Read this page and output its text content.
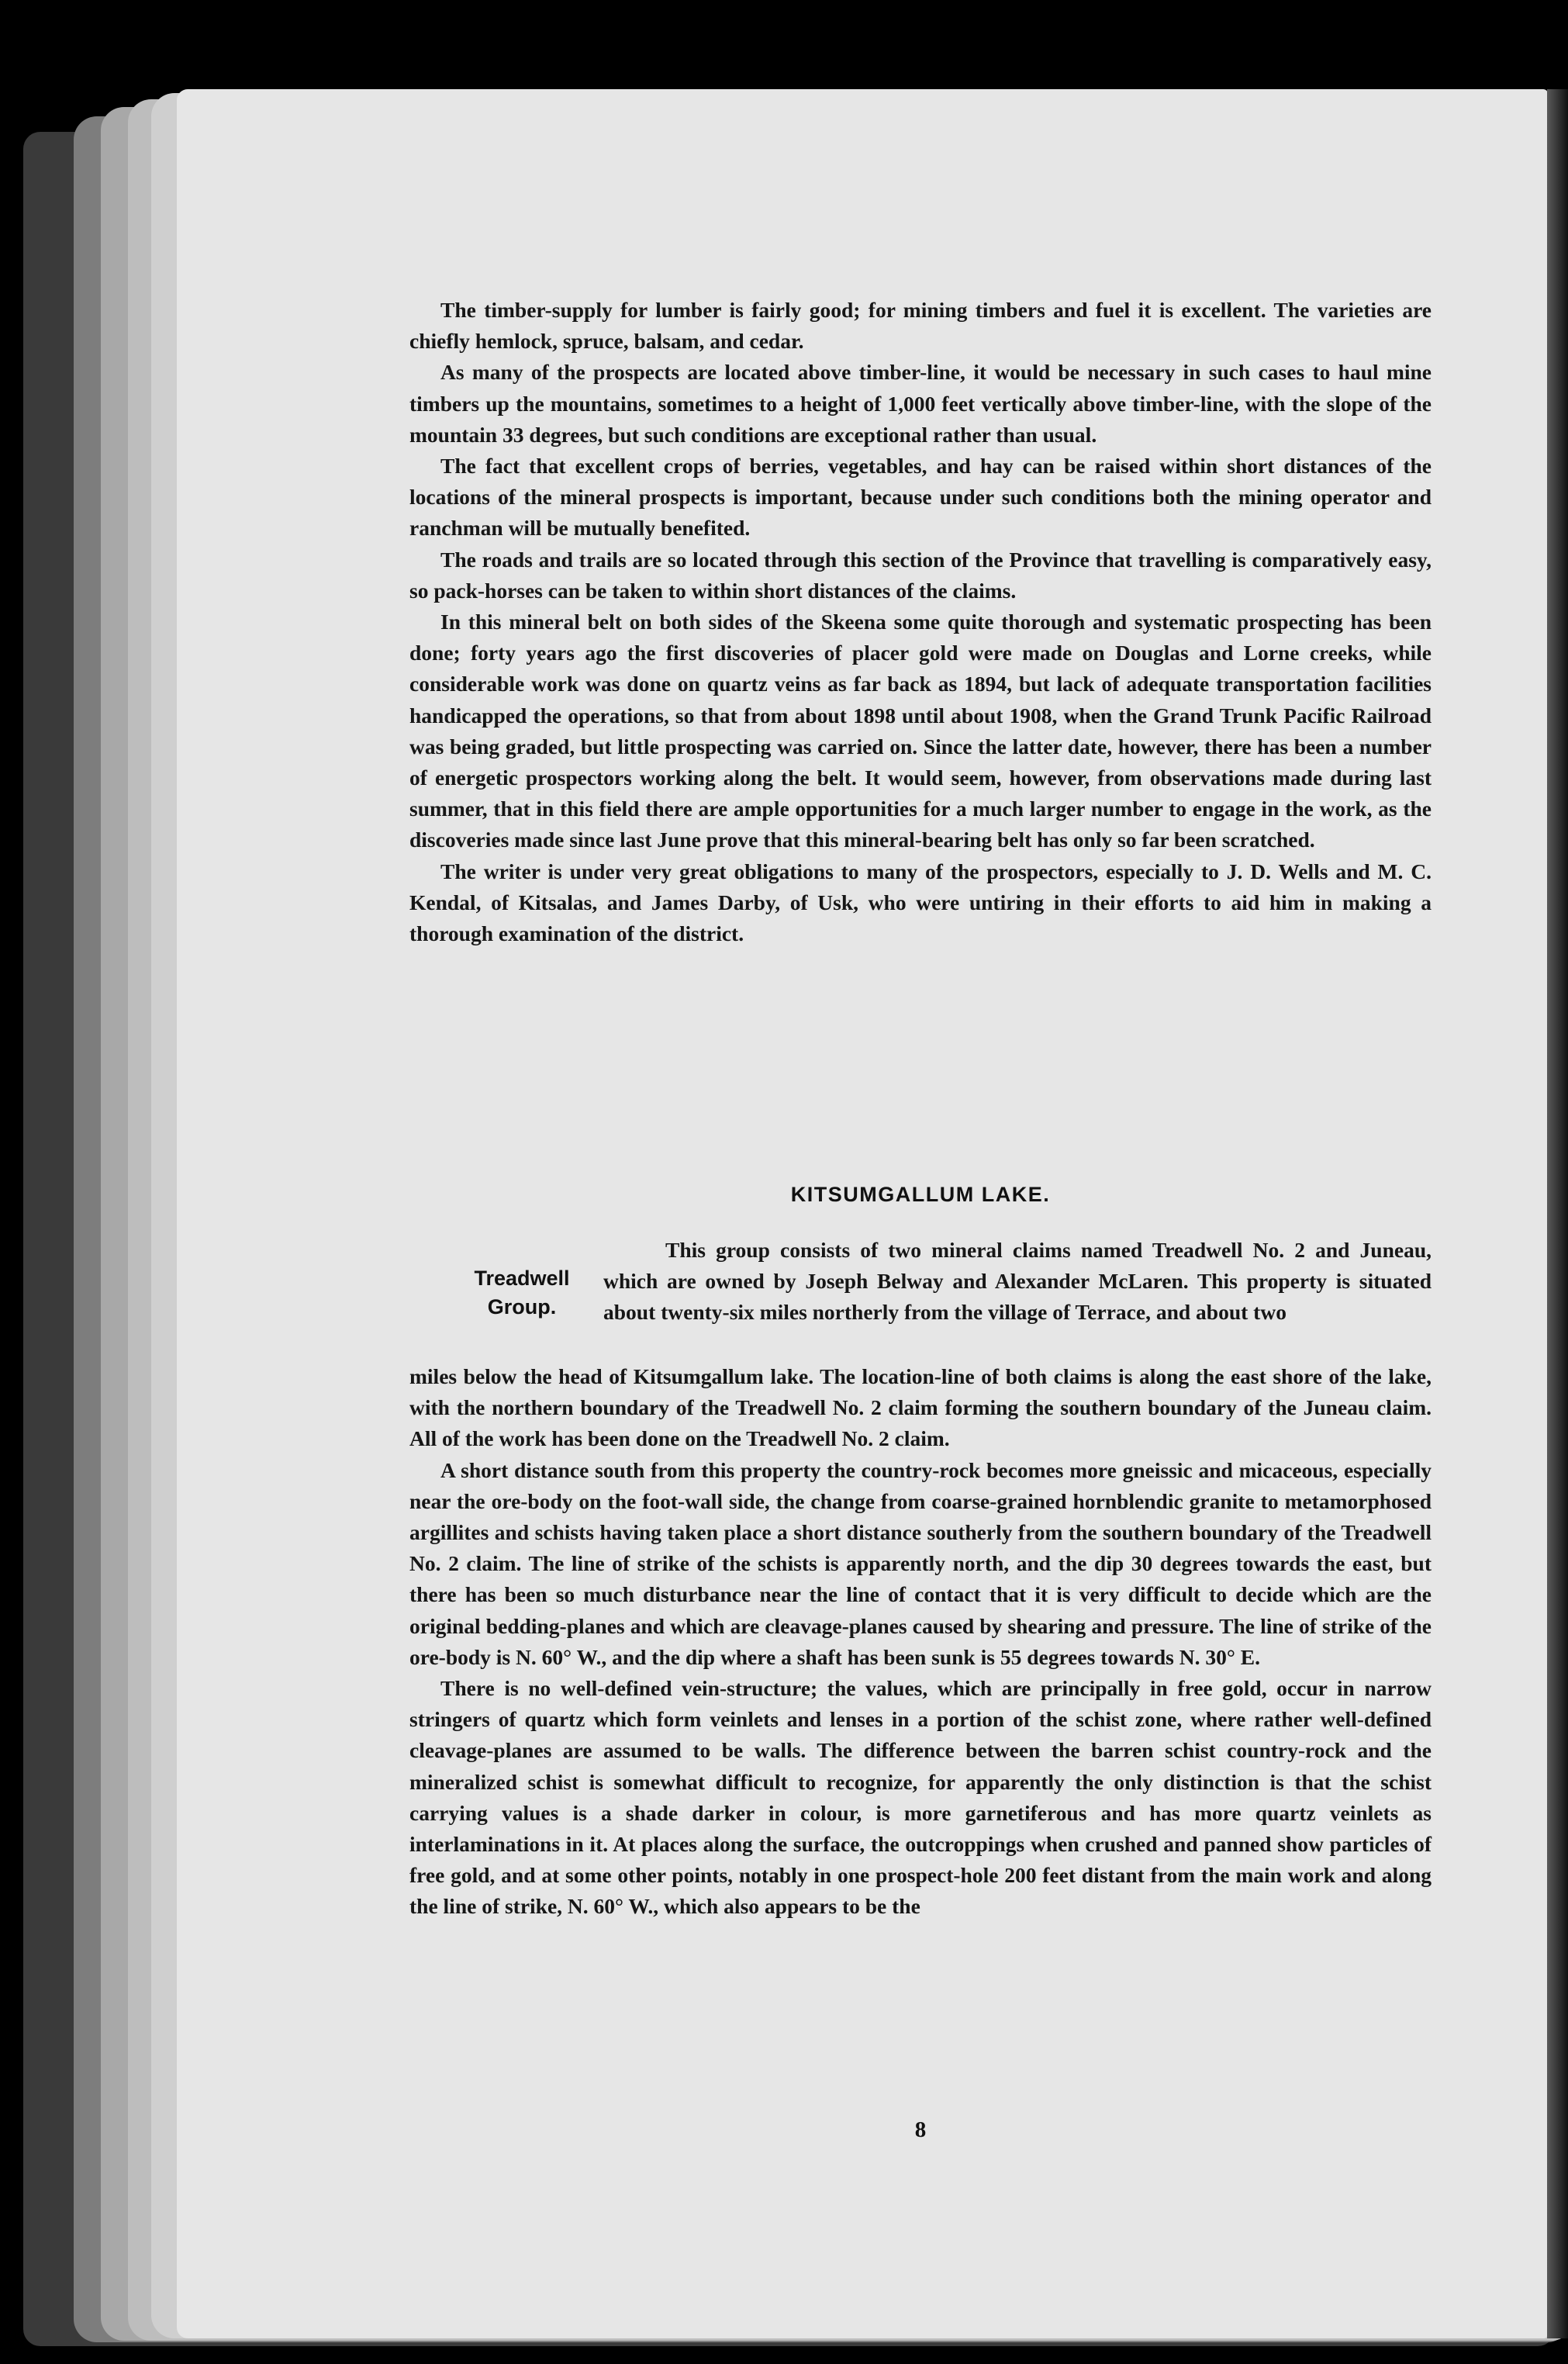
The timber-supply for lumber is fairly good; for mining timbers and fuel it is excellent. The varieties are chiefly hemlock, spruce, balsam, and cedar.

As many of the prospects are located above timber-line, it would be necessary in such cases to haul mine timbers up the mountains, sometimes to a height of 1,000 feet vertically above timber-line, with the slope of the mountain 33 degrees, but such conditions are exceptional rather than usual.

The fact that excellent crops of berries, vegetables, and hay can be raised within short distances of the locations of the mineral prospects is important, because under such conditions both the mining operator and ranchman will be mutually benefited.

The roads and trails are so located through this section of the Province that travelling is comparatively easy, so pack-horses can be taken to within short distances of the claims.

In this mineral belt on both sides of the Skeena some quite thorough and systematic prospecting has been done; forty years ago the first discoveries of placer gold were made on Douglas and Lorne creeks, while considerable work was done on quartz veins as far back as 1894, but lack of adequate transportation facilities handicapped the operations, so that from about 1898 until about 1908, when the Grand Trunk Pacific Railroad was being graded, but little prospecting was carried on. Since the latter date, however, there has been a number of energetic prospectors working along the belt. It would seem, however, from observations made during last summer, that in this field there are ample opportunities for a much larger number to engage in the work, as the discoveries made since last June prove that this mineral-bearing belt has only so far been scratched.

The writer is under very great obligations to many of the prospectors, especially to J. D. Wells and M. C. Kendal, of Kitsalas, and James Darby, of Usk, who were untiring in their efforts to aid him in making a thorough examination of the district.

KITSUMGALLUM LAKE.
Treadwell
Group.

This group consists of two mineral claims named Treadwell No. 2 and Juneau, which are owned by Joseph Belway and Alexander McLaren. This property is situated about twenty-six miles northerly from the village of Terrace, and about two

miles below the head of Kitsumgallum lake. The location-line of both claims is along the east shore of the lake, with the northern boundary of the Treadwell No. 2 claim forming the southern boundary of the Juneau claim. All of the work has been done on the Treadwell No. 2 claim.

A short distance south from this property the country-rock becomes more gneissic and micaceous, especially near the ore-body on the foot-wall side, the change from coarse-grained hornblendic granite to metamorphosed argillites and schists having taken place a short distance southerly from the southern boundary of the Treadwell No. 2 claim. The line of strike of the schists is apparently north, and the dip 30 degrees towards the east, but there has been so much disturbance near the line of contact that it is very difficult to decide which are the original bedding-planes and which are cleavage-planes caused by shearing and pressure. The line of strike of the ore-body is N. 60° W., and the dip where a shaft has been sunk is 55 degrees towards N. 30° E.

There is no well-defined vein-structure; the values, which are principally in free gold, occur in narrow stringers of quartz which form veinlets and lenses in a portion of the schist zone, where rather well-defined cleavage-planes are assumed to be walls. The difference between the barren schist country-rock and the mineralized schist is somewhat difficult to recognize, for apparently the only distinction is that the schist carrying values is a shade darker in colour, is more garnetiferous and has more quartz veinlets as interlaminations in it. At places along the surface, the outcroppings when crushed and panned show particles of free gold, and at some other points, notably in one prospect-hole 200 feet distant from the main work and along the line of strike, N. 60° W., which also appears to be the

8
